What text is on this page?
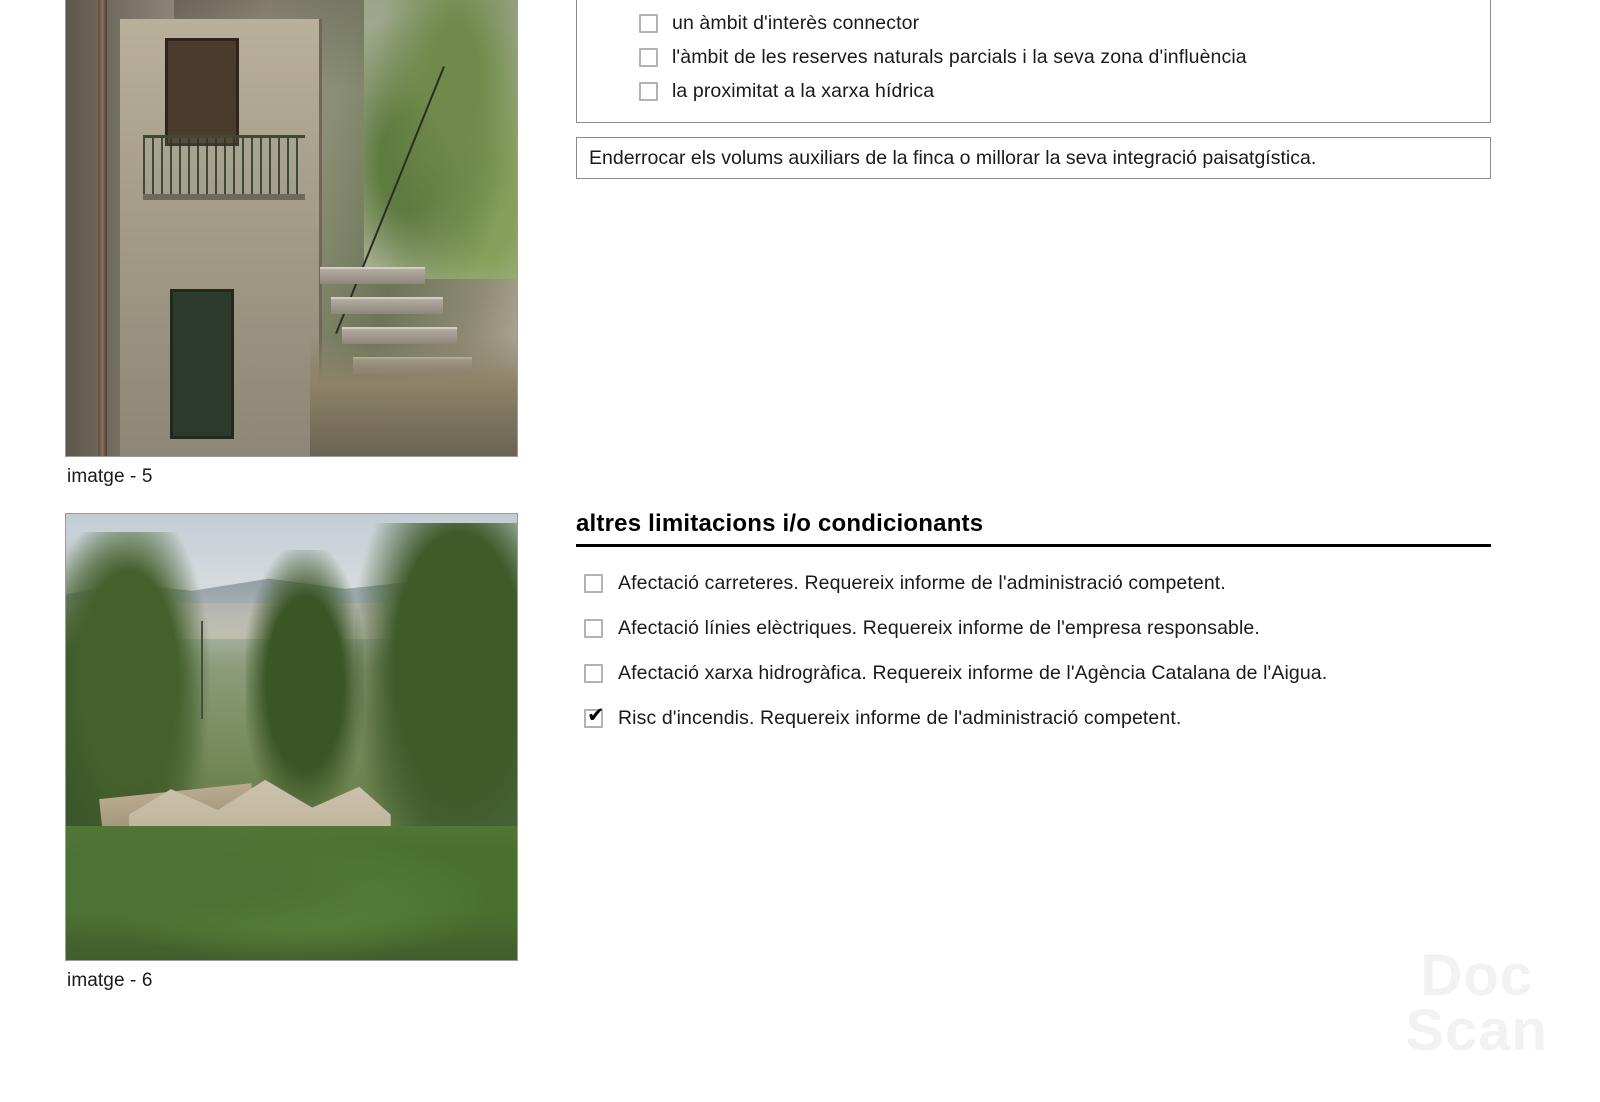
imatge - 5
imatge - 6
un àmbit d'interès connector
l'àmbit de les reserves naturals parcials i la seva zona d'influència
la proximitat a la xarxa hídrica
Enderrocar els volums auxiliars de la finca o millorar la seva integració paisatgística.
altres limitacions i/o condicionants
Afectació carreteres. Requereix informe de l'administració competent.
Afectació línies elèctriques. Requereix informe de l'empresa responsable.
Afectació xarxa hidrogràfica. Requereix informe de l'Agència Catalana de l'Aigua.
✔
Risc d'incendis. Requereix informe de l'administració competent.
Doc
Scan
